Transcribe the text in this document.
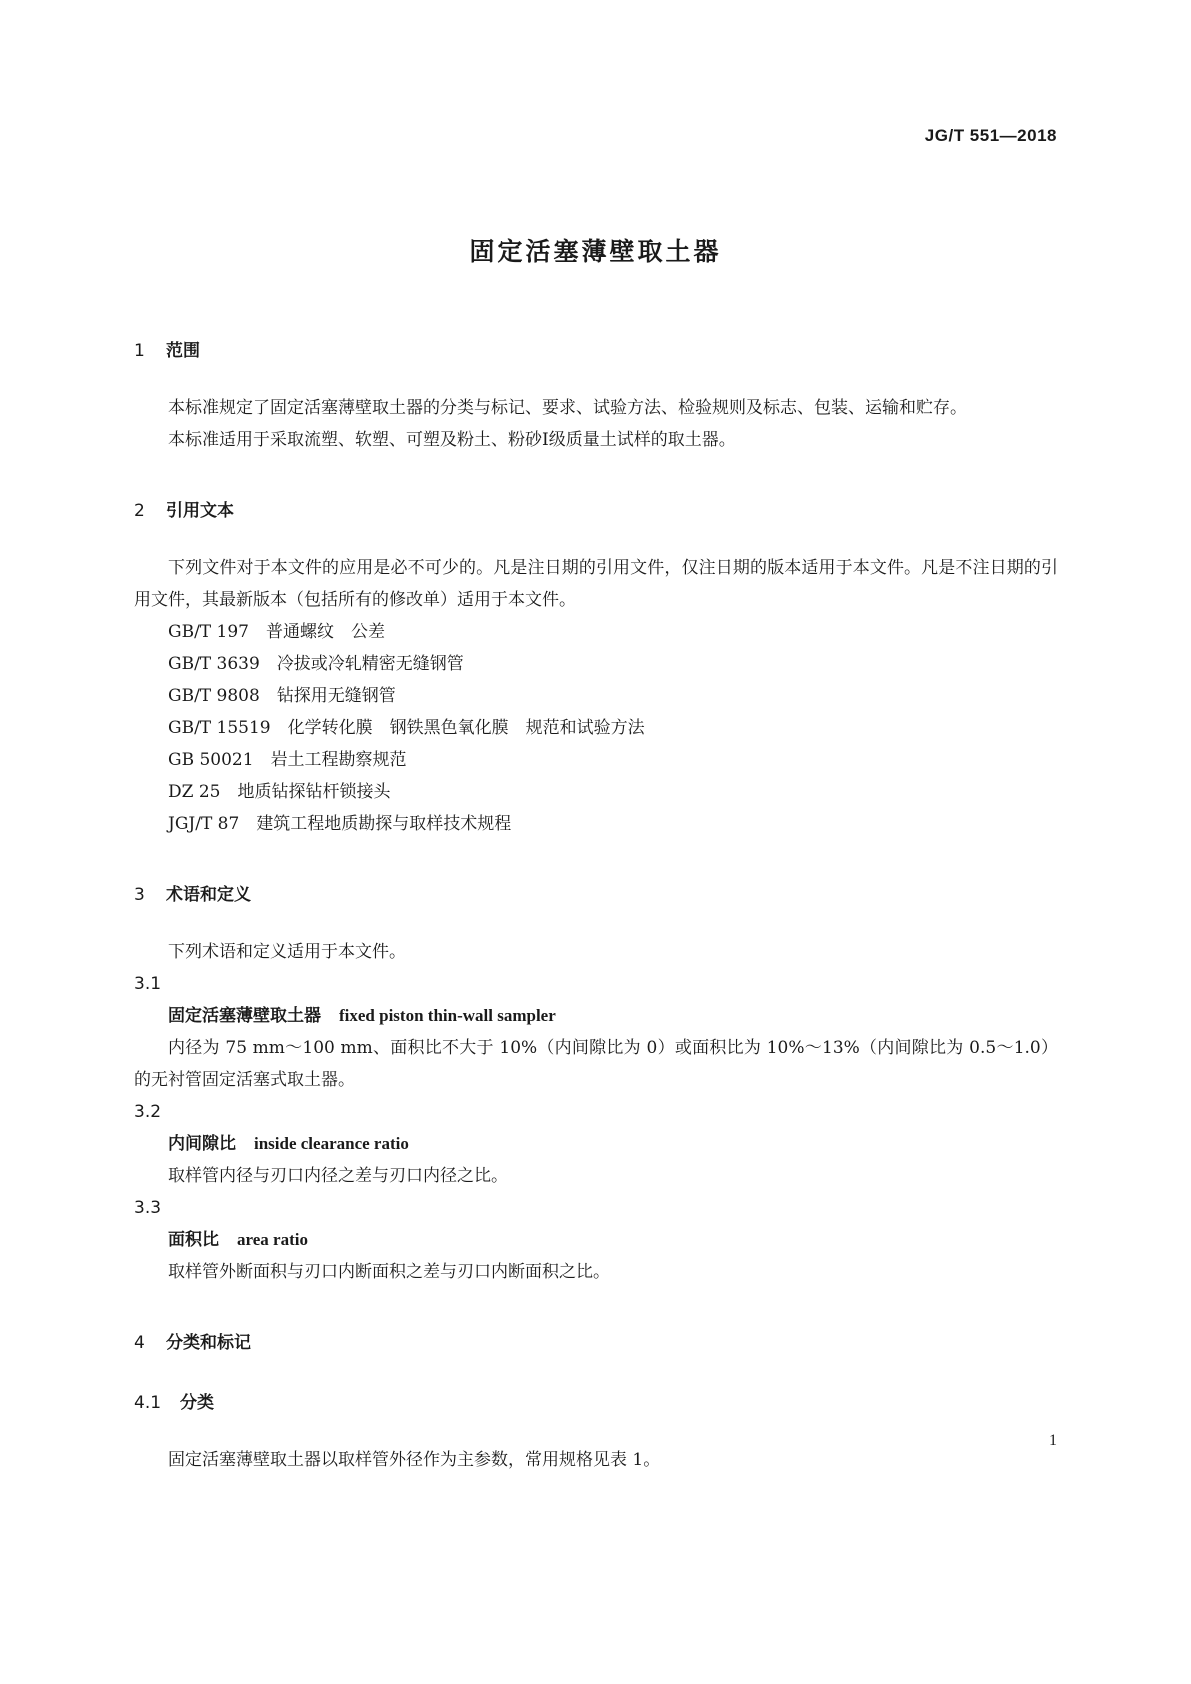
JG/T 551—2018
固定活塞薄壁取土器
1 范围

本标准规定了固定活塞薄壁取土器的分类与标记、要求、试验方法、检验规则及标志、包装、运输和贮存。

本标准适用于采取流塑、软塑、可塑及粉土、粉砂Ⅰ级质量土试样的取土器。

2 引用文本

下列文件对于本文件的应用是必不可少的。凡是注日期的引用文件，仅注日期的版本适用于本文件。凡是不注日期的引用文件，其最新版本（包括所有的修改单）适用于本文件。

GB/T 197　 普通螺纹　公差

GB/T 3639　 冷拔或冷轧精密无缝钢管

GB/T 9808　 钻探用无缝钢管

GB/T 15519　 化学转化膜　钢铁黑色氧化膜　规范和试验方法

GB 50021　 岩土工程勘察规范

DZ 25　 地质钻探钻杆锁接头

JGJ/T 87　 建筑工程地质勘探与取样技术规程

3 术语和定义

下列术语和定义适用于本文件。

3.1

固定活塞薄壁取土器 fixed piston thin-wall sampler

内径为 75 mm～100 mm、面积比不大于 10%（内间隙比为 0）或面积比为 10%～13%（内间隙比为 0.5～1.0）的无衬管固定活塞式取土器。

3.2

内间隙比 inside clearance ratio

取样管内径与刃口内径之差与刃口内径之比。

3.3

面积比 area ratio

取样管外断面积与刃口内断面积之差与刃口内断面积之比。

4 分类和标记
4.1 分类

固定活塞薄壁取土器以取样管外径作为主参数，常用规格见表 1。

1
